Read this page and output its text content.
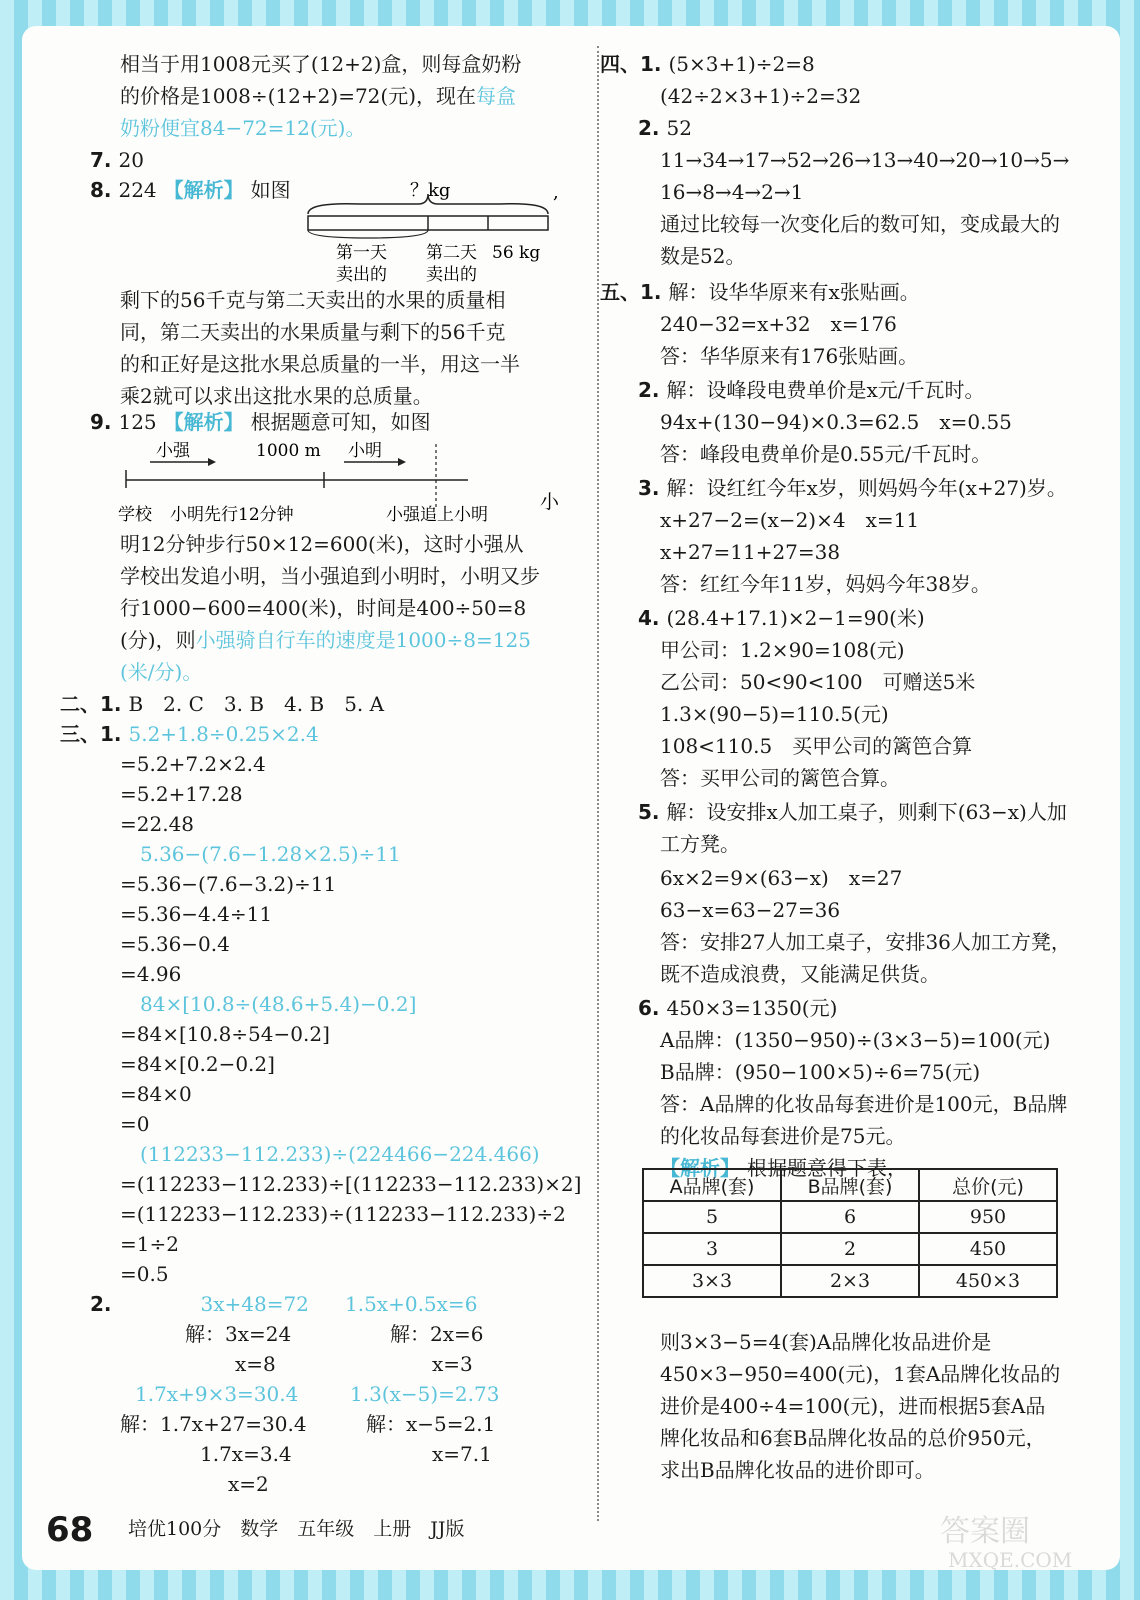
相当于用1008元买了(12+2)盒，则每盒奶粉
的价格是1008÷(12+2)=72(元)，现在每盒
奶粉便宜84−72=12(元)。
7. 20
8. 224 【解析】 如图
剩下的56千克与第二天卖出的水果的质量相
同，第二天卖出的水果质量与剩下的56千克
的和正好是这批水果总质量的一半，用这一半
乘2就可以求出这批水果的总质量。
9. 125 【解析】 根据题意可知，如图
明12分钟步行50×12=600(米)，这时小强从
学校出发追小明，当小强追到小明时，小明又步
行1000−600=400(米)，时间是400÷50=8
(分)，则小强骑自行车的速度是1000÷8=125
(米/分)。
二、1. B　2. C　3. B　4. B　5. A
三、1. 5.2+1.8÷0.25×2.4
=5.2+7.2×2.4
=5.2+17.28
=22.48
5.36−(7.6−1.28×2.5)÷11
=5.36−(7.6−3.2)÷11
=5.36−4.4÷11
=5.36−0.4
=4.96
84×[10.8÷(48.6+5.4)−0.2]
=84×[10.8÷54−0.2]
=84×[0.2−0.2]
=84×0
=0
(112233−112.233)÷(224466−224.466)
=(112233−112.233)÷[(112233−112.233)×2]
=(112233−112.233)÷(112233−112.233)÷2
=1÷2
=0.5
2.	3x+48=72 1.5x+0.5x=6
解：3x=24	解：2x=6
x=8	x=3
1.7x+9×3=30.4	1.3(x−5)=2.73
解：1.7x+27=30.4	解：x−5=2.1
1.7x=3.4	x=7.1
x=2
四、1. (5×3+1)÷2=8
(42÷2×3+1)÷2=32
2. 52
11→34→17→52→26→13→40→20→10→5→
16→8→4→2→1
通过比较每一次变化后的数可知，变成最大的
数是52。
五、1. 解：设华华原来有x张贴画。
240−32=x+32　x=176
答：华华原来有176张贴画。
2. 解：设峰段电费单价是x元/千瓦时。
94x+(130−94)×0.3=62.5　x=0.55
答：峰段电费单价是0.55元/千瓦时。
3. 解：设红红今年x岁，则妈妈今年(x+27)岁。
x+27−2=(x−2)×4　x=11
x+27=11+27=38
答：红红今年11岁，妈妈今年38岁。
4. (28.4+17.1)×2−1=90(米)
甲公司：1.2×90=108(元)
乙公司：50<90<100　可赠送5米
1.3×(90−5)=110.5(元)
108<110.5　买甲公司的篱笆合算
答：买甲公司的篱笆合算。
5. 解：设安排x人加工桌子，则剩下(63−x)人加
工方凳。
6x×2=9×(63−x)　x=27
63−x=63−27=36
答：安排27人加工桌子，安排36人加工方凳，
既不造成浪费，又能满足供货。
6. 450×3=1350(元)
A品牌：(1350−950)÷(3×3−5)=100(元)
B品牌：(950−100×5)÷6=75(元)
答：A品牌的化妆品每套进价是100元，B品牌
的化妆品每套进价是75元。
【解析】 根据题意得下表，
则3×3−5=4(套)A品牌化妆品进价是
450×3−950=400(元)，1套A品牌化妆品的
进价是400÷4=100(元)，进而根据5套A品
牌化妆品和6套B品牌化妆品的总价950元，
求出B品牌化妆品的进价即可。
？kg
第一天
卖出的
第二天
卖出的
56 kg
,
小强	1000 m 小明
学校 小明先行12分钟	小强追上小明
小
A品牌(套)	B品牌(套)	总价(元)
5	6	950
3	2	450
3×3	2×3	450×3
68 培优100分　数学　五年级　上册　JJ版	答案圈
MXQE.COM
